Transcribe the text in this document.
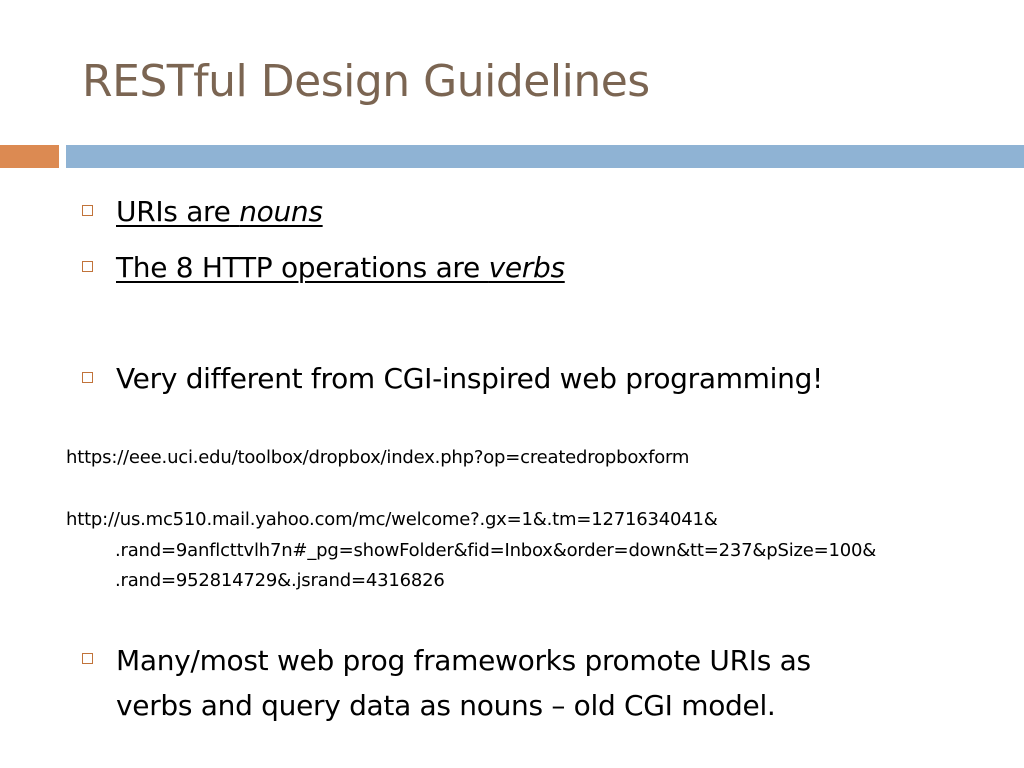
RESTful Design Guidelines
URIs are nouns
The 8 HTTP operations are verbs
Very different from CGI-inspired web programming!
https://eee.uci.edu/toolbox/dropbox/index.php?op=createdropboxform
http://us.mc510.mail.yahoo.com/mc/welcome?.gx=1&.tm=1271634041&
.rand=9anflcttvlh7n#_pg=showFolder&fid=Inbox&order=down&tt=237&pSize=100&
.rand=952814729&.jsrand=4316826
Many/most web prog frameworks promote URIs as
verbs and query data as nouns – old CGI model.
